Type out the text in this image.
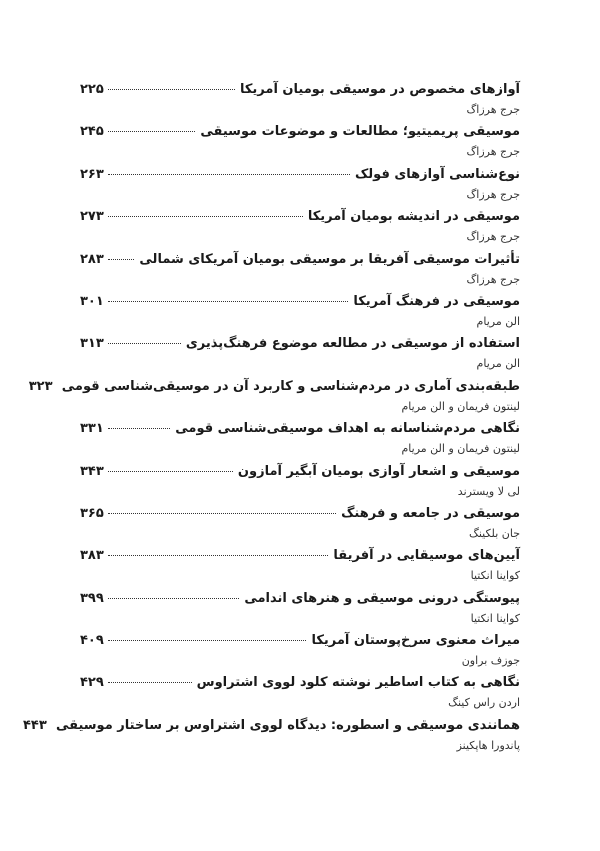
آوازهای مخصوص در موسیقی بومیان آمریکا
۲۲۵
جرج هرزاگ
موسیقی پریمیتیو؛ مطالعات و موضوعات موسیقی
۲۴۵
جرج هرزاگ
نوع‌شناسی آوازهای فولک
۲۶۳
جرج هرزاگ
موسیقی در اندیشه بومیان آمریکا
۲۷۳
جرج هرزاگ
تأثیرات موسیقی آفریقا بر موسیقی بومیان آمریکای شمالی
۲۸۳
جرج هرزاگ
موسیقی در فرهنگ آمریکا
۳۰۱
الن مریام
استفاده از موسیقی در مطالعه موضوع فرهنگ‌پذیری
۳۱۳
الن مریام
طبقه‌بندی آماری در مردم‌شناسی و کاربرد آن در موسیقی‌شناسی قومی
۳۲۳
لینتون فریمان و الن مریام
نگاهی مردم‌شناسانه به اهداف موسیقی‌شناسی قومی
۳۳۱
لینتون فریمان و الن مریام
موسیقی و اشعار آوازی بومیان آبگیر آمازون
۳۴۳
لی لا ویسترند
موسیقی در جامعه و فرهنگ
۳۶۵
جان بلکینگ
آیین‌های موسیقایی در آفریقا
۳۸۳
کواینا انکتیا
پیوستگی درونی موسیقی و هنرهای اندامی
۳۹۹
کواینا انکتیا
میراث معنوی سرخ‌پوستان آمریکا
۴۰۹
جوزف براون
نگاهی به کتاب اساطیر نوشته کلود لووی اشتراوس
۴۲۹
اردن راس کینگ
همانندی موسیقی و اسطوره: دیدگاه لووی اشتراوس بر ساختار موسیقی
۴۴۳
پاندورا هاپکینز
